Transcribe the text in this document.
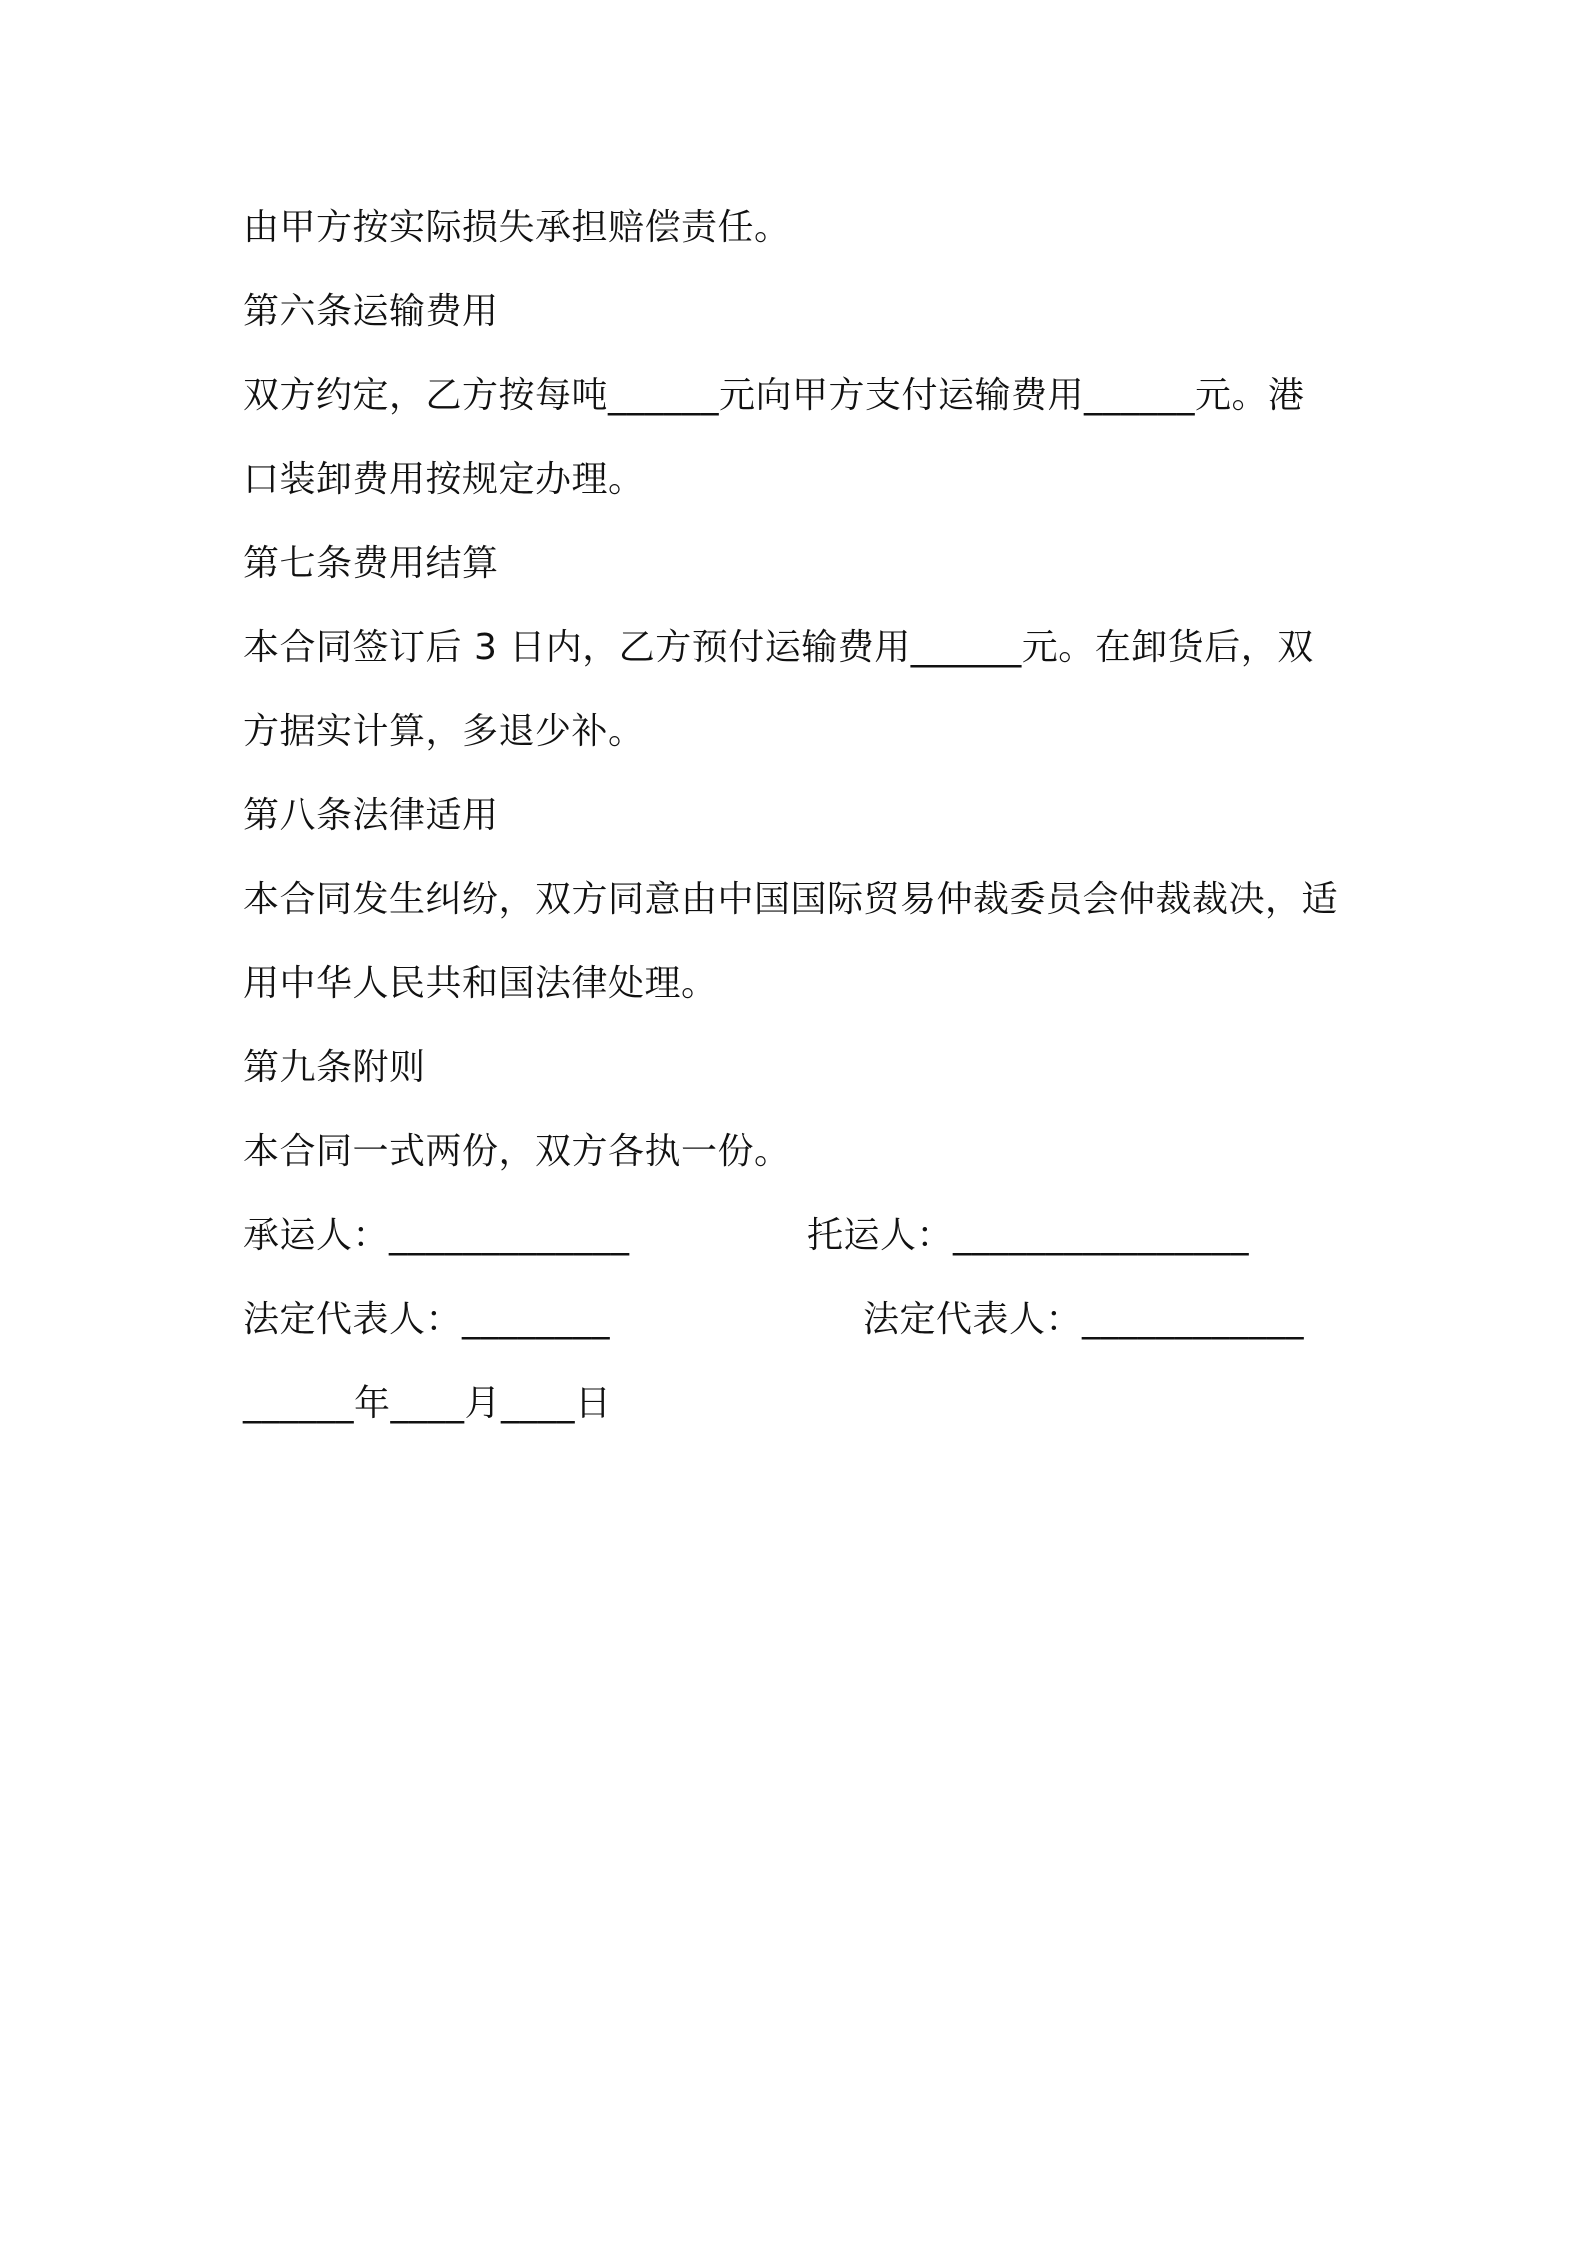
由甲方按实际损失承担赔偿责任。
第六条运输费用
双方约定，乙方按每吨______元向甲方支付运输费用______元。港
口装卸费用按规定办理。
第七条费用结算
本合同签订后 3 日内，乙方预付运输费用______元。在卸货后，双
方据实计算，多退少补。
第八条法律适用
本合同发生纠纷，双方同意由中国国际贸易仲裁委员会仲裁裁决，适
用中华人民共和国法律处理。
第九条附则
本合同一式两份，双方各执一份。
承运人：_____________	托运人：________________
法定代表人：________	法定代表人：____________
______年____月____日
